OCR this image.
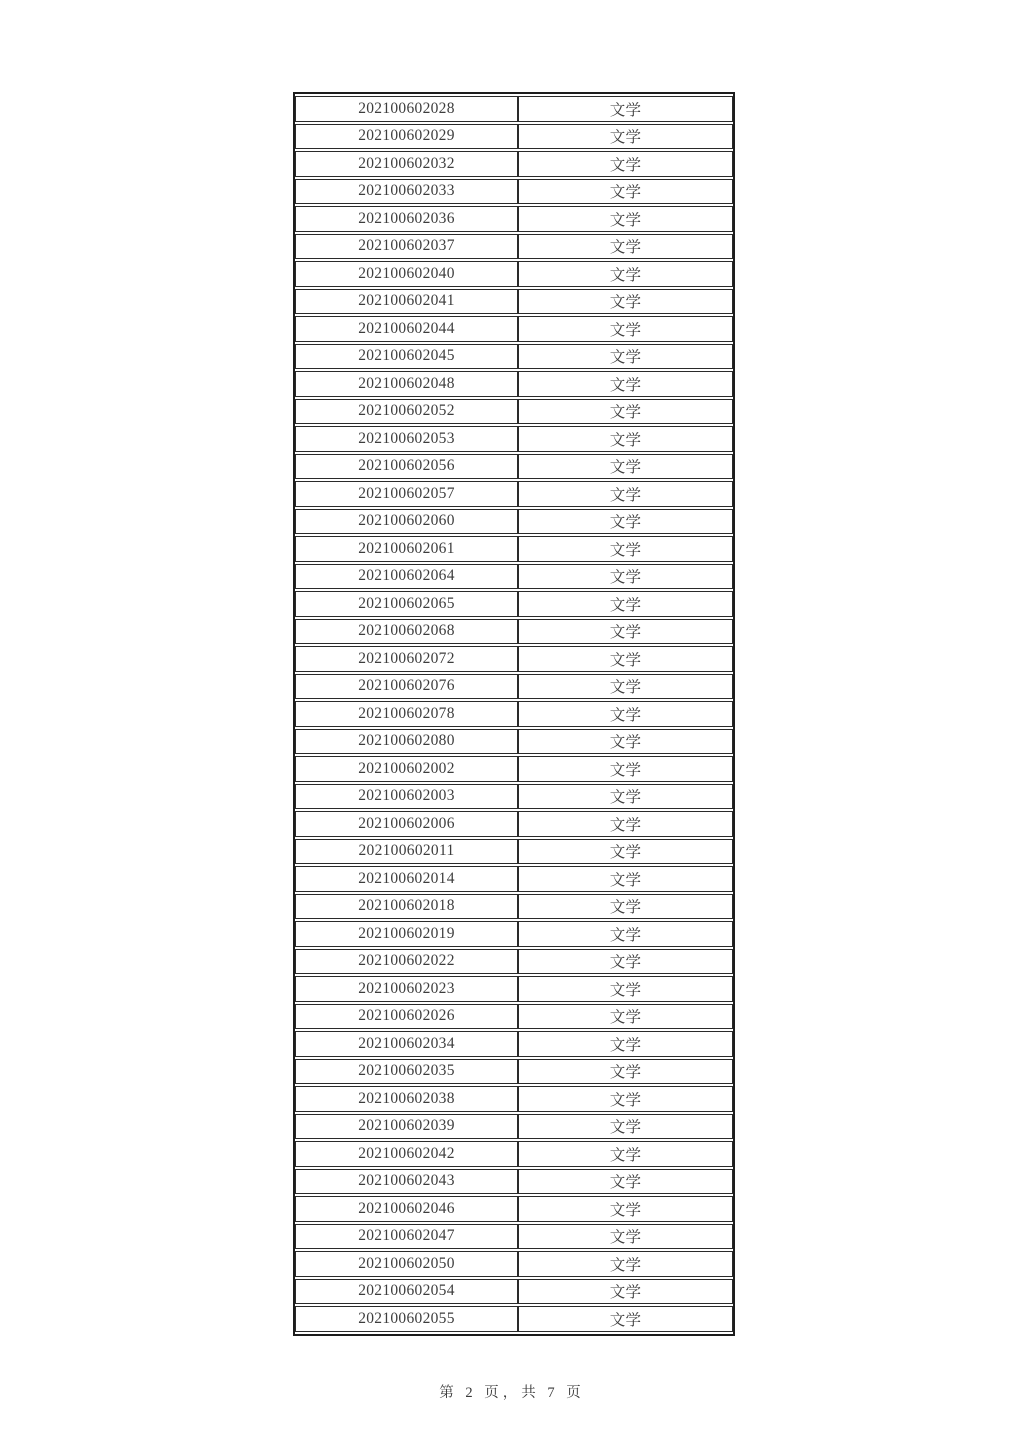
202100602028	文学
202100602029	文学
202100602032	文学
202100602033	文学
202100602036	文学
202100602037	文学
202100602040	文学
202100602041	文学
202100602044	文学
202100602045	文学
202100602048	文学
202100602052	文学
202100602053	文学
202100602056	文学
202100602057	文学
202100602060	文学
202100602061	文学
202100602064	文学
202100602065	文学
202100602068	文学
202100602072	文学
202100602076	文学
202100602078	文学
202100602080	文学
202100602002	文学
202100602003	文学
202100602006	文学
202100602011	文学
202100602014	文学
202100602018	文学
202100602019	文学
202100602022	文学
202100602023	文学
202100602026	文学
202100602034	文学
202100602035	文学
202100602038	文学
202100602039	文学
202100602042	文学
202100602043	文学
202100602046	文学
202100602047	文学
202100602050	文学
202100602054	文学
202100602055	文学
第 2 页，共 7 页
